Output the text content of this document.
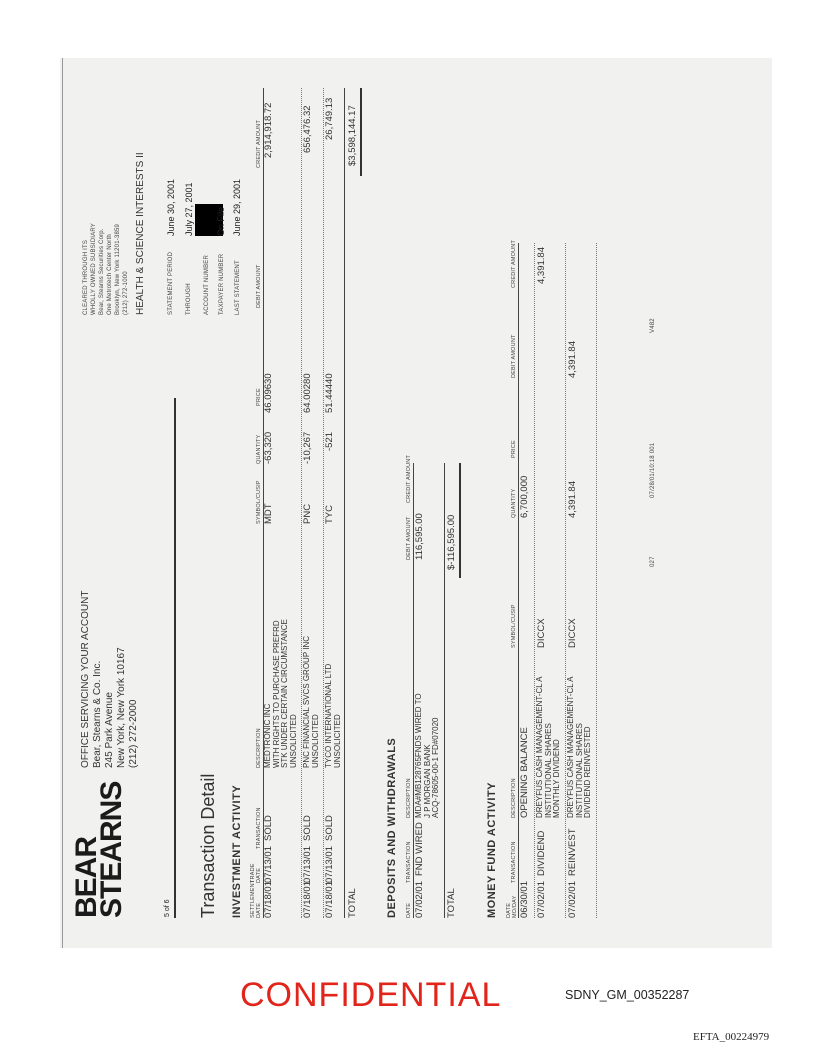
BEAR
STEARNS
OFFICE SERVICING YOUR ACCOUNT Bear, Stearns & Co. Inc. 245 Park Avenue New York, New York 10167 (212) 272-2000
CLEARED THROUGH ITS WHOLLY OWNED SUBSIDIARY Bear, Stearns Securities Corp. One Metrotech Center North Brooklyn, New York 11201-3859 (212) 272-1000 HEALTH & SCIENCE INTERESTS II	STATEMENT PERIOD
June 30, 2001
THROUGH
July 27, 2001
ACCOUNT NUMBER TAXPAYER NUMBER
On File
LAST STATEMENT
June 29, 2001
5 of 6 Transaction Detail INVESTMENT ACTIVITY SETTLEMENT DATE
TRADE DATE
TRANSACTION
DESCRIPTION
SYMBOL/CUSIP
QUANTITY
PRICE
DEBIT AMOUNT
CREDIT AMOUNT
07/18/01
07/13/01
SOLD
MEDTRONIC INC WITH RIGHTS TO PURCHASE PREFRD STK UNDER CERTAIN CIRCUMSTANCE UNSOLICITED
MDT
-63,320
46.09630
2,914,918.72
07/18/01
07/13/01
SOLD
PNC FINANCIAL SVCS GROUP INC UNSOLICITED
PNC
-10,267
64.00280
656,476.32
07/18/01
07/13/01
SOLD
TYCO INTERNATIONAL LTD UNSOLICITED
TYC
-521
51.44440
26,749.13
TOTAL
$3,598,144.17
DEPOSITS AND WITHDRAWALS DATE
TRANSACTION
DESCRIPTION
DEBIT AMOUNT
CREDIT AMOUNT
07/02/01
FND WIRED
MDA#MB128765FNDS WIRED TO J P MORGAN BANK ACQ-78605-00-1 FD#07020
116,595.00
TOTAL
$-116,595.00
MONEY FUND ACTIVITY DATE MO/DAY
TRANSACTION
DESCRIPTION
SYMBOL/CUSIP
QUANTITY
PRICE
DEBIT AMOUNT
CREDIT AMOUNT
06/30/01
OPENING BALANCE
6,700,000
07/02/01
DIVIDEND
DREYFUS CASH MANAGEMENT-CL A INSTITUTIONAL SHARES MONTHLY DIVIDEND
DICCX
4,391.84
07/02/01
REINVEST
DREYFUS CASH MANAGEMENT-CL A INSTITUTIONAL SHARES DIVIDEND REINVESTED
DICCX
4,391.84
4,391.84
027
07/28/01/10:18 001
V482
CONFIDENTIAL	SDNY_GM_00352287
EFTA_00224979
